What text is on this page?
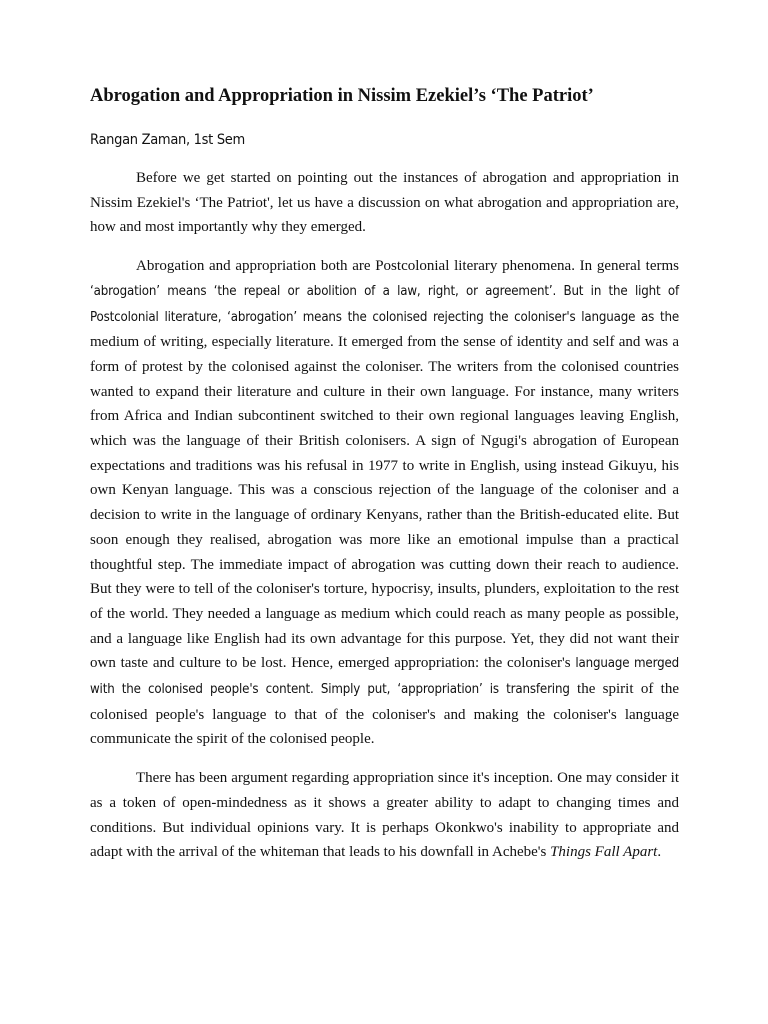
Abrogation and Appropriation in Nissim Ezekiel’s ‘The Patriot’
Rangan Zaman, 1st Sem

Before we get started on pointing out the instances of abrogation and appropriation in Nissim Ezekiel's ‘The Patriot', let us have a discussion on what abrogation and appropriation are, how and most importantly why they emerged.

Abrogation and appropriation both are Postcolonial literary phenomena. In general terms ‘abrogation’ means ‘the repeal or abolition of a law, right, or agreement’. But in the light of Postcolonial literature, ‘abrogation’ means the colonised rejecting the coloniser's language as the medium of writing, especially literature. It emerged from the sense of identity and self and was a form of protest by the colonised against the coloniser. The writers from the colonised countries wanted to expand their literature and culture in their own language. For instance, many writers from Africa and Indian subcontinent switched to their own regional languages leaving English, which was the language of their British colonisers. A sign of Ngugi's abrogation of European expectations and traditions was his refusal in 1977 to write in English, using instead Gikuyu, his own Kenyan language. This was a conscious rejection of the language of the coloniser and a decision to write in the language of ordinary Kenyans, rather than the British-educated elite. But soon enough they realised, abrogation was more like an emotional impulse than a practical thoughtful step. The immediate impact of abrogation was cutting down their reach to audience. But they were to tell of the coloniser's torture, hypocrisy, insults, plunders, exploitation to the rest of the world. They needed a language as medium which could reach as many people as possible, and a language like English had its own advantage for this purpose. Yet, they did not want their own taste and culture to be lost. Hence, emerged appropriation: the coloniser's language merged with the colonised people's content. Simply put, ‘appropriation’ is transfering the spirit of the colonised people's language to that of the coloniser's and making the coloniser's language communicate the spirit of the colonised people.

There has been argument regarding appropriation since it's inception. One may consider it as a token of open-mindedness as it shows a greater ability to adapt to changing times and conditions. But individual opinions vary. It is perhaps Okonkwo's inability to appropriate and adapt with the arrival of the whiteman that leads to his downfall in Achebe's Things Fall Apart.
